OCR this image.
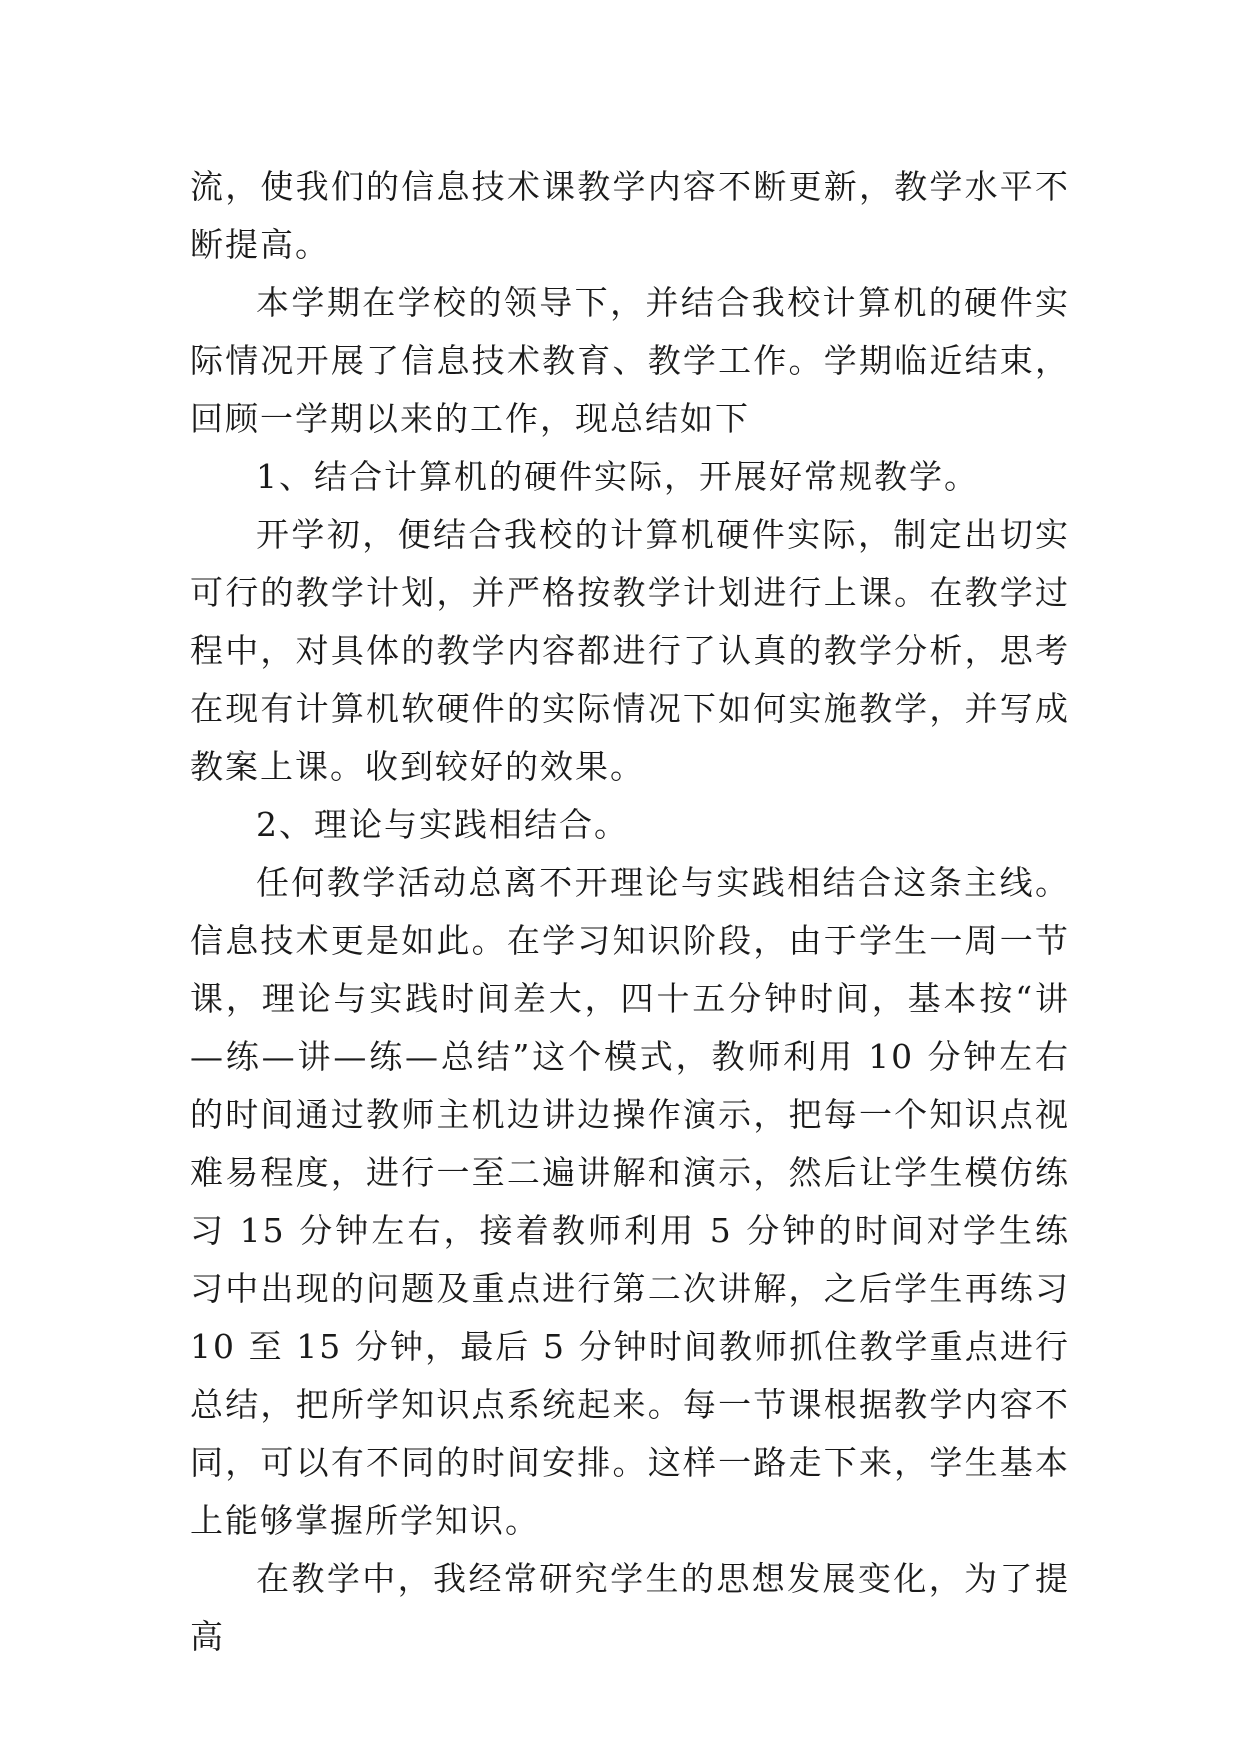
流，使我们的信息技术课教学内容不断更新，教学水平不断提高。

本学期在学校的领导下，并结合我校计算机的硬件实际情况开展了信息技术教育、教学工作。学期临近结束，回顾一学期以来的工作，现总结如下

1、结合计算机的硬件实际，开展好常规教学。

开学初，便结合我校的计算机硬件实际，制定出切实可行的教学计划，并严格按教学计划进行上课。在教学过程中，对具体的教学内容都进行了认真的教学分析，思考在现有计算机软硬件的实际情况下如何实施教学，并写成教案上课。收到较好的效果。

2、理论与实践相结合。

任何教学活动总离不开理论与实践相结合这条主线。信息技术更是如此。在学习知识阶段，由于学生一周一节课，理论与实践时间差大，四十五分钟时间，基本按“讲—练—讲—练—总结”这个模式，教师利用 10 分钟左右的时间通过教师主机边讲边操作演示，把每一个知识点视难易程度，进行一至二遍讲解和演示，然后让学生模仿练习 15 分钟左右，接着教师利用 5 分钟的时间对学生练习中出现的问题及重点进行第二次讲解，之后学生再练习 10 至 15 分钟，最后 5 分钟时间教师抓住教学重点进行总结，把所学知识点系统起来。每一节课根据教学内容不同，可以有不同的时间安排。这样一路走下来，学生基本上能够掌握所学知识。

在教学中，我经常研究学生的思想发展变化，为了提高
